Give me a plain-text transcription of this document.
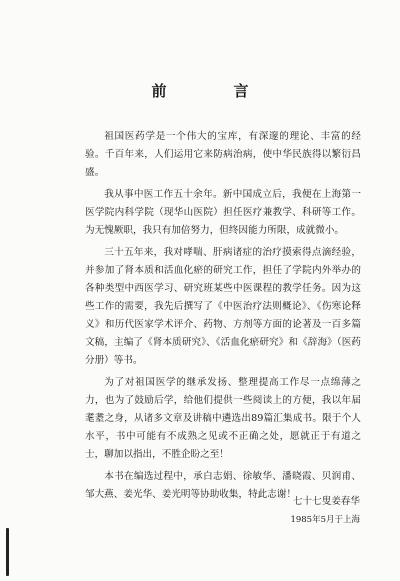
前　言

祖国医药学是一个伟大的宝库，有深邃的理论、丰富的经验。千百年来，人们运用它来防病治病，使中华民族得以繁衍昌盛。

我从事中医工作五十余年。新中国成立后，我便在上海第一医学院内科学院（现华山医院）担任医疗兼教学、科研等工作。为无愧厥职，我只有加倍努力，但终因能力所限，成就微小。

三十五年来，我对哮喘、肝病诸症的治疗摸索得点滴经验，并参加了肾本质和活血化瘀的研究工作，担任了学院内外举办的各种类型中西医学习、研究班某些中医课程的教学任务。因为这些工作的需要，我先后撰写了《中医治疗法则概论》、《伤寒论释义》和历代医家学术评介、药物、方剂等方面的论著及一百多篇文稿，主编了《肾本质研究》、《活血化瘀研究》和《辞海》（医药分册）等书。

为了对祖国医学的继承发扬、整理提高工作尽一点绵薄之力，也为了鼓励后学，给他们提供一些阅读上的方便，我以年届耄耋之身，从诸多文章及讲稿中遴选出89篇汇集成书。限于个人水平，书中可能有不成熟之见或不正确之处，愿就正于有道之士，聊加以指出，不胜企盼之至！

本书在编选过程中，承白志娟、徐敏华、潘晓霞、贝润甫、邹大燕、姜光华、姜光明等协助收集，特此志谢！

七十七叟姜春华
1985年5月于上海
